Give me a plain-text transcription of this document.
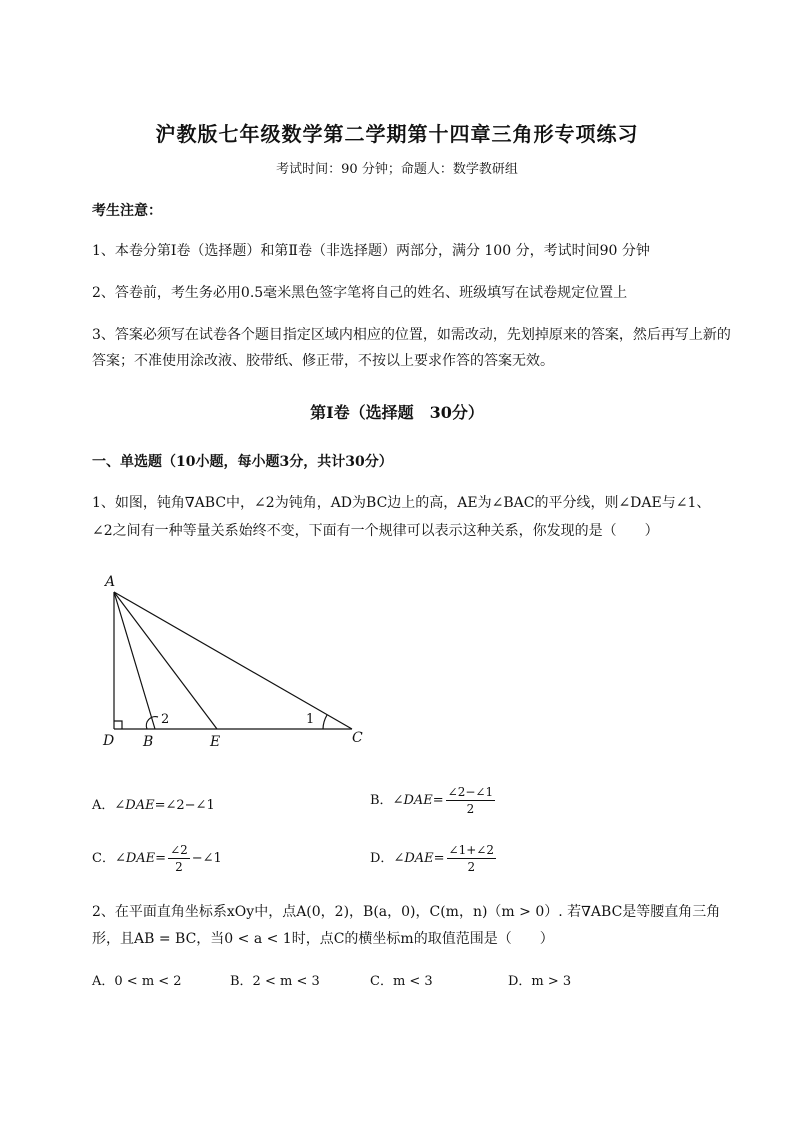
沪教版七年级数学第二学期第十四章三角形专项练习
考试时间：90 分钟；命题人：数学教研组
考生注意：
1、本卷分第Ⅰ卷（选择题）和第Ⅱ卷（非选择题）两部分，满分 100 分，考试时间90 分钟
2、答卷前，考生务必用0.5毫米黑色签字笔将自己的姓名、班级填写在试卷规定位置上
3、答案必须写在试卷各个题目指定区域内相应的位置，如需改动，先划掉原来的答案，然后再写上新的答案；不准使用涂改液、胶带纸、修正带，不按以上要求作答的答案无效。
第Ⅰ卷（选择题　30分）
一、单选题（10小题，每小题3分，共计30分）
1、如图，钝角∇ABC中，∠2为钝角，AD为BC边上的高，AE为∠BAC的平分线，则∠DAE与∠1、
∠2之间有一种等量关系始终不变，下面有一个规律可以表示这种关系，你发现的是（　　）
A
D B	E	C
2	1
A．∠DAE=∠2−∠1	B．∠DAE= $\frac{\angle 2-\angle 1}{2}$
C．∠DAE= $\frac{\angle 2}{2}$ −∠1	D．∠DAE= $\frac{\angle 1+\angle 2}{2}$
2、在平面直角坐标系xOy中，点A(0，2)，B(a，0)，C(m，n)（m > 0）. 若∇ABC是等腰直角三角
形，且AB = BC，当0 < a < 1时，点C的横坐标m的取值范围是（　　）
A．0 < m < 2	B．2 < m < 3	C．m < 3	D．m > 3
